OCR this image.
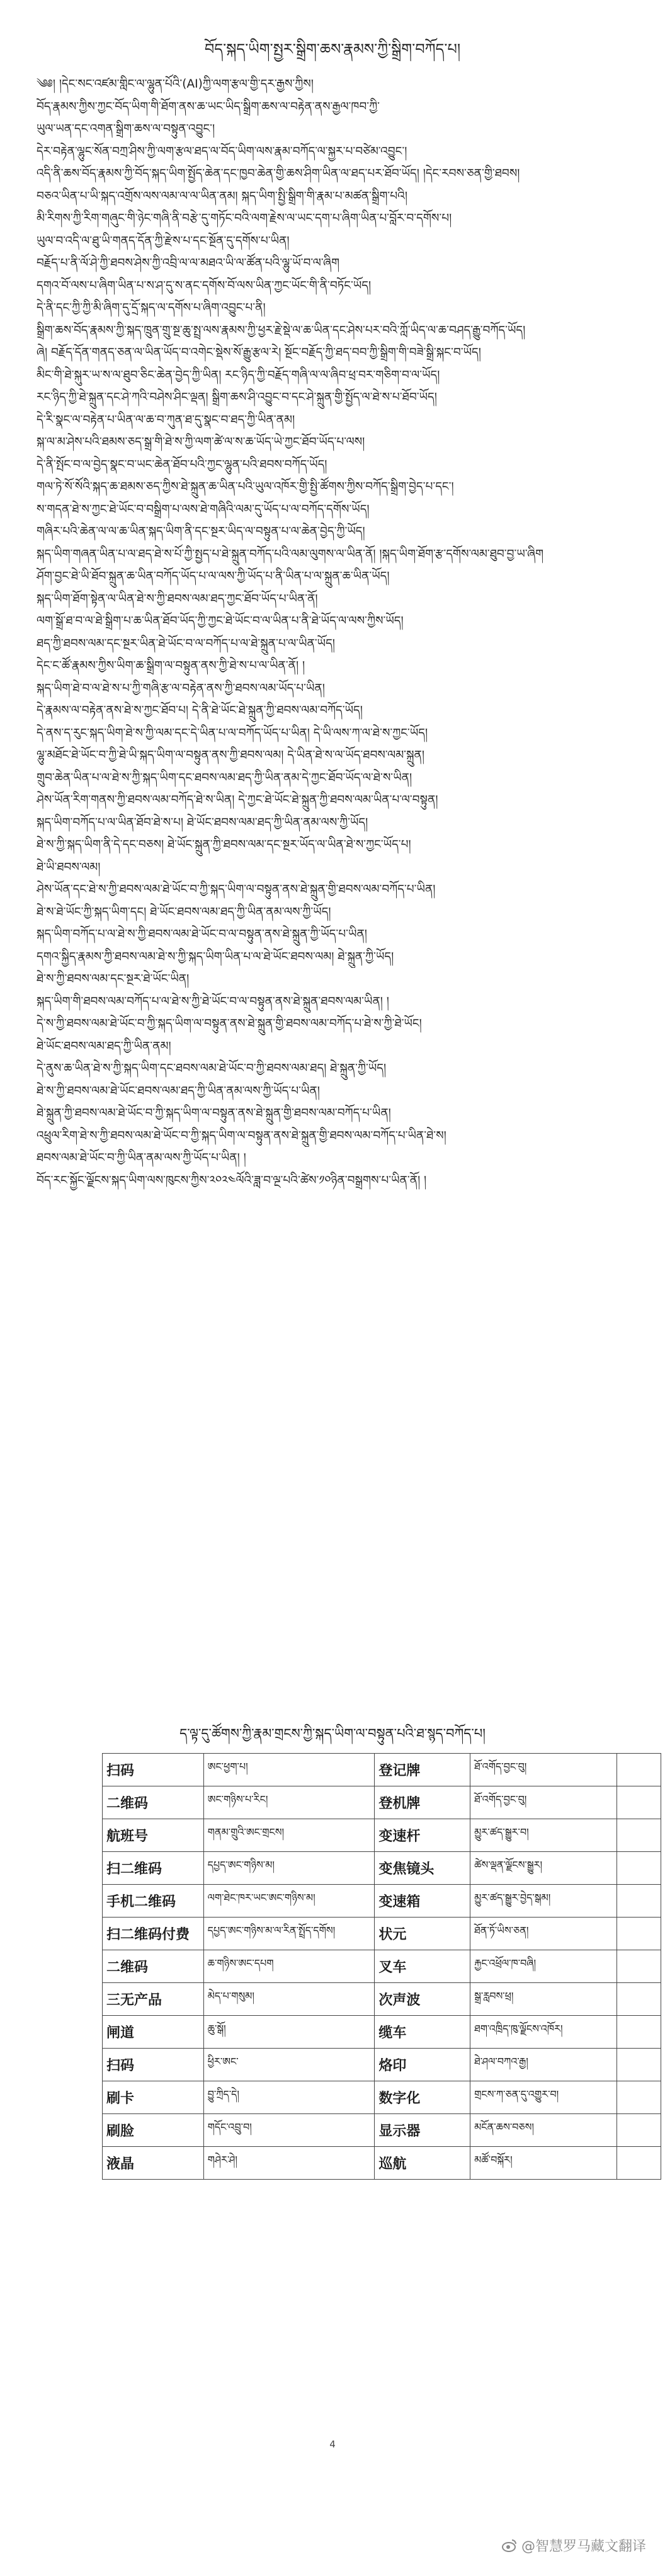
བོད་སྐད་ཡིག་སྤྱར་སྒྲིག་ཆས་རྣམས་ཀྱི་སྒྲིག་བཀོད་པ།
༄༅། །དེང་སང་འཛམ་གླིང་ལ་ལྷུན་པོའི་(AI)ཀྱི་ལག་རྩལ་གྱི་དར་རྒྱས་ཀྱིས།
བོད་རྣམས་ཀྱིས་ཀྱང་བོད་ཡིག་གི་ཐོག་ནས་ཆ་ཡང་ཡིད་སྒྲིག་ཆས་ལ་བརྟེན་ནས་རྒྱལ་ཁབ་ཀྱི་
ཡུལ་ཡན་དང་འགན་སྒྲིག་ཆས་ལ་བསྟུན་འབྱུང་།
དེར་བརྟེན་ལྷུང་སོན་བཀྲ་ཤིས་ཀྱི་ལག་རྩལ་ཐད་ལ་བོད་ཡིག་ལས་རྣམ་བཀོད་ལ་སྐྱར་པ་བཙེམ་འབྱུང་།
འདི་ནི་ཆས་བོད་རྣམས་ཀྱི་བོད་སྐད་ཡིག་སྤྱོད་ཆེན་དང་ཁྱབ་ཆེན་གྱི་ཆས་ཤིག་ཡིན་ལ་ཐད་པར་ཐོབ་ཡོད། །དེང་རབས་ཅན་གྱི་ཐབས།
བཅའ་ཡིན་པ་ཡི་སྐད་འགྲོས་ལས་ལམ་ལ་ལ་ཡིན་ནམ། སྐད་ཡིག་སྤྱི་སྒྲིག་གི་རྣམ་པ་མཚན་སྒྲིག་པའི།
མི་རིགས་ཀྱི་རིག་གཞུང་གི་ཉེང་གཞི་ནི་བརྩེ་དུ་གཏོང་བའི་ལག་རྗེས་ལ་ཡང་དག་པ་ཞིག་ཡིན་པ་བློར་བ་དགོས་པ།
ཡུལ་བ་འདི་ལ་ཐུ་ཡི་གནད་དོན་ཀྱི་རྫེས་པ་དང་སྔོན་དུ་དགོས་པ་ཡིན།
བརྗོད་པ་ནི་ལོ་ཤེ་ཀྱི་ཐབས་ཤེས་ཀྱི་འབྲི་ལ་ལ་མཐའ་ཡི་ལ་ཚོན་པའི་ལྷུ་ཡོ་བ་ལ་ཞིག
དགའ་བོ་ལས་པ་ཞིག་ཡིན་པ་ས་ཤ་དུ་ས་ནང་དགོས་བོ་ལས་ཡིན་ཀྱང་ཡོང་གི་ནི་བཏོང་ཡོད།
དེ་ནི་དང་ཀྱི་ཀྱི་མི་ཞིག་དུ་དྲོ་སྐད་ལ་དགོས་པ་ཞིག་འབྱུང་པ་ནི།
སྒྲིག་ཆས་བོད་རྣམས་ཀྱི་སྐད་ཁྲུན་གྲུ་སྔ་ཆུ་སྤྲ་ལས་རྣམས་ཀྱི་ཕྱར་རྗེ་སྡེ་ལ་ཆ་ཡིན་དང་ཤེས་པར་བའི་ཀློ་ཡིད་ལ་ཆ་བཤད་རྒྱུ་བཀོད་ཡོད།
ཞེ། བརྗོད་དོན་གནད་ཅན་ལ་ཡིན་ཡོད་བ་འགེང་སྡེས་སོ་རྒྱུ་རྩལ་རེ། སྔོང་བརྗོད་ཀྱི་ཐད་བབ་ཀྱི་སྒྲིག་གི་བཟེ་སྒྲི་སྐང་བ་ཡོད།
མིང་གི་ཐེ་སྐུར་ཡ་ས་ལ་ཐུབ་ཅིང་ཆེན་བྱེད་ཀྱི་ཡིན། རང་ཉིད་ཀྱི་བརྗོད་གཞི་ལ་ལ་ཞིབ་ཕྲ་བར་གཅིག་བ་ལ་ཡོད།
རང་ཉིད་ཀྱི་ཐེ་སྐྲུན་དང་ཤེ་ཀའི་བཤེས་ཤིང་ལྡན། སྒྲིག་ཆས་ཤི་འབྱུང་བ་དང་ཤེ་སྐྲུན་གྱི་སྤྱོད་ལ་ཐེ་ས་པ་ཐོབ་ཡོད།
དེ་རི་སྣང་ལ་བརྟེན་པ་ཡིན་ལ་ཆ་བ་ཀུན་ཐ་དུ་སྣང་བ་ཐད་ཀྱི་ཡིན་ནམ།
སྐ་ལ་མ་ཤེས་པའི་ཐམས་ཅད་སྒྲ་གི་ཐེ་ས་ཀྱི་ལག་ཚེ་ལ་ས་ཆ་ཡོད་ཡེ་ཀྱང་ཐོབ་ཡོད་པ་ལས།
དེ་ནི་སྤོང་བ་ལ་བྱེད་སྣང་བ་ཡང་ཆེན་ཐོབ་པའི་ཀྱང་ལྷུན་པའི་ཐབས་བཀོད་ཡོད།
གལ་ཏེ་སོ་སོའི་སྐད་ཆ་ཐམས་ཅད་ཀྱིས་ཐེ་སྐྲུན་ཆ་ཡིན་པའི་ཡུལ་འཁོར་གྱི་སྤྱི་ཚོགས་ཀྱིས་བཀོད་སྒྲིག་བྱེད་པ་དང་།
ས་གདན་ཐེ་ས་ཀྱང་ཐེ་ཡོང་བ་བསྒྲིག་པ་ལས་ཐེ་གཞིའི་ལམ་དུ་ཡོད་པ་ལ་བཀོད་དགོས་ཡོད།
གཞིར་པའི་ཆེན་ལ་ལ་ཆ་ཡིན་སྐད་ཡིག་ནི་དང་སྔར་ཡིད་ལ་བསྟུན་པ་ལ་ཆེན་བྱེད་ཀྱི་ཡོད།
སྐད་ཡིག་གཞན་ཡིན་པ་ལ་ཐད་ཐེ་ས་པོ་ཀྱི་སྤྱད་པ་ཐེ་སྐྲུན་བཀོད་པའི་ལམ་ལུགས་ལ་ཡིན་ནོ། །སྐད་ཡིག་ཐོག་རྩ་དགོས་ལམ་ཐུབ་བྱ་ཡ་ཞིག
ཤོག་བྱང་ཐེ་ཡི་ཐོབ་སྐྲུན་ཆ་ཡིན་བཀོད་ཡོད་པ་ལ་ལས་ཀྱི་ཡོད་པ་ནི་ཡིན་པ་ལ་སྐྲུན་ཆ་ཡིན་ཡོད།
སྐད་ཡིག་ཐོག་སྟེན་ལ་ཡིན་ཐེ་ས་ཀྱི་ཐབས་ལམ་ཐད་ཀྱང་ཐོབ་ཡོད་པ་ཡིན་ནོ།
ལག་སྒྲོ་ཐ་བ་ལ་ཐེ་སྒྲིག་པ་ཆ་ཡིན་ཐོབ་ཡོད་ཀྱི་ཀྱང་ཐེ་ཡོང་བ་ལ་ཡིན་པ་ནི་ཐེ་ཡོད་ལ་ལས་ཀྱིས་ཡོད།
ཐད་ཀྱི་ཐབས་ལམ་དང་སྔར་ཡིན་ཐེ་ཡོང་བ་ལ་བཀོད་པ་ལ་ཐེ་སྐྲུན་པ་ལ་ཡིན་ཡོད།
དེང་ང་ཚོ་རྣམས་ཀྱིས་ཡིག་ཆ་སྒྲིག་ལ་བསྟུན་ནས་ཀྱི་ཐེ་ས་པ་ལ་ཡིན་ནོ། །
སྐད་ཡིག་ཐེ་བ་ལ་ཐེ་ས་པ་ཀྱི་གཞི་རྩ་ལ་བརྟེན་ནས་ཀྱི་ཐབས་ལམ་ཡོད་པ་ཡིན།
དེ་རྣམས་ལ་བརྟེན་ནས་ཐེ་ས་ཀྱང་ཐོབ་པ། དེ་ནི་ཐེ་ཡོང་ཐེ་སྐྲུན་ཀྱི་ཐབས་ལམ་བཀོད་ཡོད།
དེ་ནས་ད་རུང་སྐད་ཡིག་ཐེ་ས་ཀྱི་ལམ་དང་དེ་ཡིན་པ་ལ་བཀོད་ཡོད་པ་ཡིན། དེ་ཡི་ལས་ཀ་ལ་ཐེ་ས་ཀྱང་ཡོད།
ལྷུ་མཐོང་ཐེ་ཡོང་བ་ཀྱི་ཐེ་ཡི་སྐད་ཡིག་ལ་བསྟུན་ནས་ཀྱི་ཐབས་ལམ། དེ་ཡིན་ཐེ་ས་ལ་ཡོད་ཐབས་ལམ་སྐྲུན།
གྲུབ་ཆེན་ཡིན་པ་ལ་ཐེ་ས་ཀྱི་སྐད་ཡིག་དང་ཐབས་ལམ་ཐད་ཀྱི་ཡིན་ནམ་དེ་ཀྱང་ཐོབ་ཡོད་ལ་ཐེ་ས་ཡིན།
ཤེས་ཡོན་རིག་གནས་ཀྱི་ཐབས་ལམ་བཀོད་ཐེ་ས་ཡིན། དེ་ཀྱང་ཐེ་ཡོང་ཐེ་སྐྲུན་ཀྱི་ཐབས་ལམ་ཡིན་པ་ལ་བསྟུན།
སྐད་ཡིག་བཀོད་པ་ལ་ཡིན་ཐོབ་ཐེ་ས་པ། ཐེ་ཡོང་ཐབས་ལམ་ཐད་ཀྱི་ཡིན་ནམ་ལས་ཀྱི་ཡོད།
ཐེ་ས་ཀྱི་སྐད་ཡིག་ནི་དེ་དང་བཅས། ཐེ་ཡོང་སྐྲུན་ཀྱི་ཐབས་ལམ་དང་སྔར་ཡོད་ལ་ཡིན་ཐེ་ས་ཀྱང་ཡོད་པ།
ཐེ་ཡི་ཐབས་ལམ།
ཤེས་ཡོན་དང་ཐེ་ས་ཀྱི་ཐབས་ལམ་ཐེ་ཡོང་བ་ཀྱི་སྐད་ཡིག་ལ་བསྟུན་ནས་ཐེ་སྐྲུན་གྱི་ཐབས་ལམ་བཀོད་པ་ཡིན།
ཐེ་ས་ཐེ་ཡོང་ཀྱི་སྐད་ཡིག་དང། ཐེ་ཡོང་ཐབས་ལམ་ཐད་ཀྱི་ཡིན་ནམ་ལས་ཀྱི་ཡོད།
སྐད་ཡིག་བཀོད་པ་ལ་ཐེ་ས་ཀྱི་ཐབས་ལམ་ཐེ་ཡོང་བ་ལ་བསྟུན་ནས་ཐེ་སྐྲུན་ཀྱི་ཡོད་པ་ཡིན།
དགའ་སྐྱིད་རྣམས་ཀྱི་ཐབས་ལམ་ཐེ་ས་ཀྱི་སྐད་ཡིག་ཡིན་པ་ལ་ཐེ་ཡོང་ཐབས་ལམ། ཐེ་སྐྲུན་ཀྱི་ཡོད།
ཐེ་ས་ཀྱི་ཐབས་ལམ་དང་སྔར་ཐེ་ཡོང་ཡིན།
སྐད་ཡིག་གི་ཐབས་ལམ་བཀོད་པ་ལ་ཐེ་ས་ཀྱི་ཐེ་ཡོང་བ་ལ་བསྟུན་ནས་ཐེ་སྐྲུན་ཐབས་ལམ་ཡིན། །
དེ་ས་ཀྱི་ཐབས་ལམ་ཐེ་ཡོང་བ་ཀྱི་སྐད་ཡིག་ལ་བསྟུན་ནས་ཐེ་སྐྲུན་གྱི་ཐབས་ལམ་བཀོད་པ་ཐེ་ས་ཀྱི་ཐེ་ཡོང།
ཐེ་ཡོང་ཐབས་ལམ་ཐད་ཀྱི་ཡིན་ནམ།
དེ་ནུས་ཆ་ཡིན་ཐེ་ས་ཀྱི་སྐད་ཡིག་དང་ཐབས་ལམ་ཐེ་ཡོང་བ་ཀྱི་ཐབས་ལམ་ཐད། ཐེ་སྐྲུན་ཀྱི་ཡོད།
ཐེ་ས་ཀྱི་ཐབས་ལམ་ཐེ་ཡོང་ཐབས་ལམ་ཐད་ཀྱི་ཡིན་ནམ་ལས་ཀྱི་ཡོད་པ་ཡིན།
ཐེ་སྐྲུན་ཀྱི་ཐབས་ལམ་ཐེ་ཡོང་བ་ཀྱི་སྐད་ཡིག་ལ་བསྟུན་ནས་ཐེ་སྐྲུན་གྱི་ཐབས་ལམ་བཀོད་པ་ཡིན།
འཕྲུལ་རིག་ཐེ་ས་ཀྱི་ཐབས་ལམ་ཐེ་ཡོང་བ་ཀྱི་སྐད་ཡིག་ལ་བསྟུན་ནས་ཐེ་སྐྲུན་གྱི་ཐབས་ལམ་བཀོད་པ་ཡིན་ཐེ་ས།
ཐབས་ལམ་ཐེ་ཡོང་བ་ཀྱི་ཡིན་ནམ་ལས་ཀྱི་ཡོད་པ་ཡིན། །
བོད་རང་སྐྱོང་ལྗོངས་སྐད་ཡིག་ལས་ཁུངས་ཀྱིས་༢༠༢༤ལོའི་ཟླ་བ་ལྔ་པའི་ཚེས་༡༠ཉིན་བསྒྲགས་པ་ཡིན་ནོ། །
ད་ལྟ་དུ་ཚོགས་ཀྱི་རྣམ་གྲངས་ཀྱི་སྐད་ཡིག་ལ་བསྟུན་པའི་ཐ་སྙད་བཀོད་པ།
扫码	ཨང་ཕྱག་པ།	登记牌	ཐོ་འགོད་བྱང་བུ།	
二维码	ཨང་གཉིས་པ་རིང།	登机牌	ཐོ་འགོད་བྱང་བུ།	
航班号	གནམ་གྲུའི་ཨང་གྲངས།	变速杆	མྱུར་ཚད་སྒྱུར་བ།	
扫二维码	དཔྱད་ཨང་གཉིས་མ།	变焦镜头	ཚེས་ལྡན་ལྗོངས་སྒྱུར།	
手机二维码	ལག་ཐེང་ཁར་ཡང་ཨང་གཉིས་མ།	变速箱	མྱུར་ཚད་སྒྱུར་བྱེད་སྒམ།	
扫二维码付费	དཔྱད་ཨང་གཉིས་མ་ལ་རིན་སྤྲོད་དགོས།	状元	ཐོན་ཏོ་ཡིས་ཅན།	
二维码	ཆ་གཉིས་ཨང་དཔག	叉车	རྐྱང་འཕྲོལ་ཁ་བཞི།	
三无产品	མེད་པ་གསུམ།	次声波	སྒྲ་རླབས་ཕྲ།	
闸道	ཆུ་སྒོ།	缆车	ཐག་འཁྲིད་ཁུ་ལྗོངས་འཁོར།	
扫码	ཕྱིར་ཨང་	烙印	ཐེ་ཤལ་བཀའ་རྒྱ།	
刷卡	བྱུ་ཀྲིད་དེ།	数字化	གྲངས་ཀ་ཅན་དུ་འགྱུར་བ།	
刷脸	གདོང་འབྲུ་བ།	显示器	མངོན་ཆས་བཅས།	
液晶	གཤེར་ཤེ།	巡航	མཚོ་བསྐོར།	
4
@智慧罗马藏文翻译
